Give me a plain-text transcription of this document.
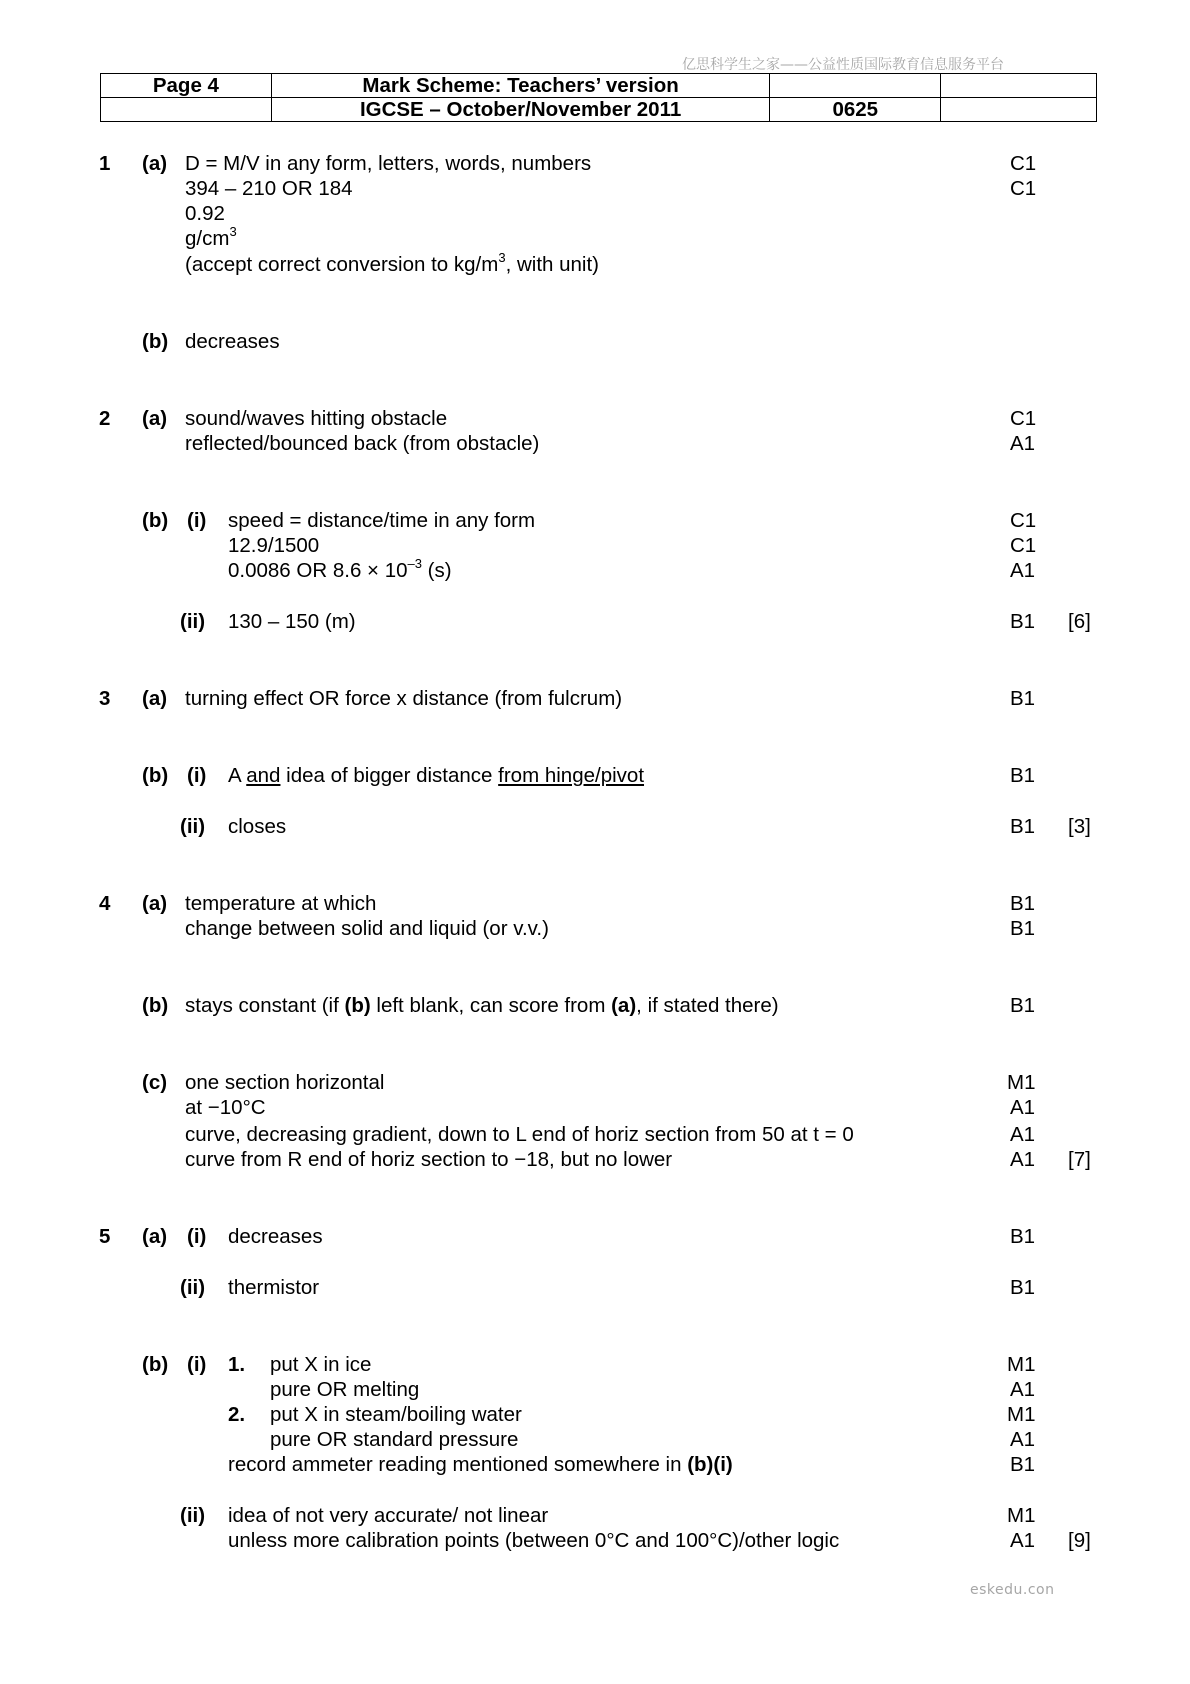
亿思科学生之家——公益性质国际教育信息服务平台
Page 4	Mark Scheme: Teachers’ version		
	IGCSE – October/November 2011	0625	
1 (a) D = M/V in any form, letters, words, numbers	C1
394 – 210 OR 184	C1
0.92
$g/cm^3$
(accept correct conversion to $kg/m^3$, with unit)
(b) decreases
2 (a) sound/waves hitting obstacle	C1
reflected/bounced back (from obstacle)	A1
(b) (i) speed = distance/time in any form	C1
12.9/1500	C1
0.0086 OR $8.6 \times 10^{-3}$ (s)	A1
(ii) 130 – 150 (m)	B1 [6]
3 (a) turning effect OR force x distance (from fulcrum)	B1
(b) (i) A and idea of bigger distance from hinge/pivot	B1
(ii) closes	B1 [3]
4 (a) temperature at which	B1
change between solid and liquid (or v.v.)	B1
(b) stays constant (if (b) left blank, can score from (a), if stated there)	B1
(c) one section horizontal	M1
at −10°C	A1
curve, decreasing gradient, down to L end of horiz section from 50 at t = 0	A1
curve from R end of horiz section to −18, but no lower	A1 [7]
5 (a) (i) decreases	B1
(ii) thermistor	B1
(b) (i) 1. put X in ice	M1
pure OR melting	A1
2. put X in steam/boiling water	M1
pure OR standard pressure	A1
record ammeter reading mentioned somewhere in (b)(i)	B1
(ii) idea of not very accurate/ not linear	M1
unless more calibration points (between 0°C and 100°C)/other logic	A1 [9]
eskedu.con
